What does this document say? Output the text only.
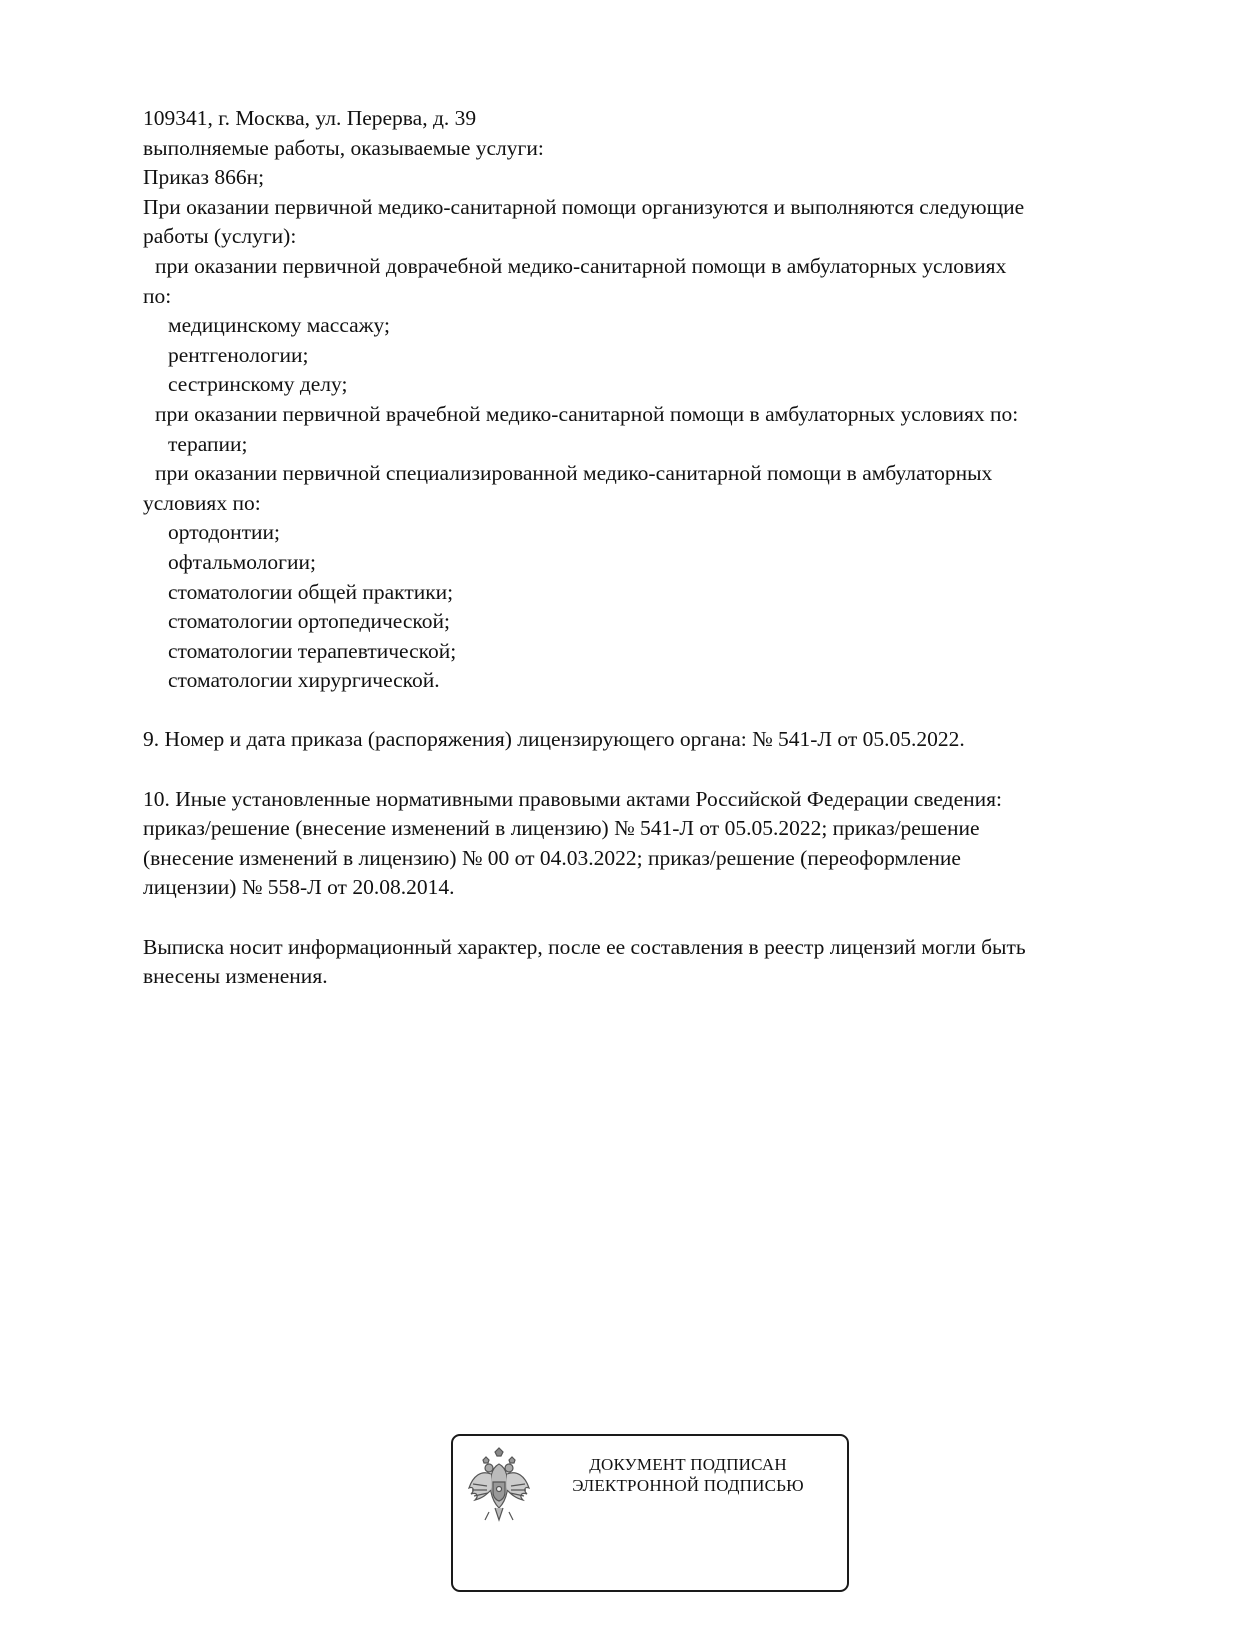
109341, г. Москва, ул. Перерва, д. 39
выполняемые работы, оказываемые услуги:
Приказ 866н;
При оказании первичной медико-санитарной помощи организуются и выполняются следующие
работы (услуги):
при оказании первичной доврачебной медико-санитарной помощи в амбулаторных условиях
по:
медицинскому массажу;
рентгенологии;
сестринскому делу;
при оказании первичной врачебной медико-санитарной помощи в амбулаторных условиях по:
терапии;
при оказании первичной специализированной медико-санитарной помощи в амбулаторных
условиях по:
ортодонтии;
офтальмологии;
стоматологии общей практики;
стоматологии ортопедической;
стоматологии терапевтической;
стоматологии хирургической.
9. Номер и дата приказа (распоряжения) лицензирующего органа: № 541-Л от 05.05.2022.
10. Иные установленные нормативными правовыми актами Российской Федерации сведения:
приказ/решение (внесение изменений в лицензию) № 541-Л от 05.05.2022; приказ/решение
(внесение изменений в лицензию) № 00 от 04.03.2022; приказ/решение (переоформление
лицензии) № 558-Л от 20.08.2014.
Выписка носит информационный характер, после ее составления в реестр лицензий могли быть
внесены изменения.
ДОКУМЕНТ ПОДПИСАН
ЭЛЕКТРОННОЙ ПОДПИСЬЮ
